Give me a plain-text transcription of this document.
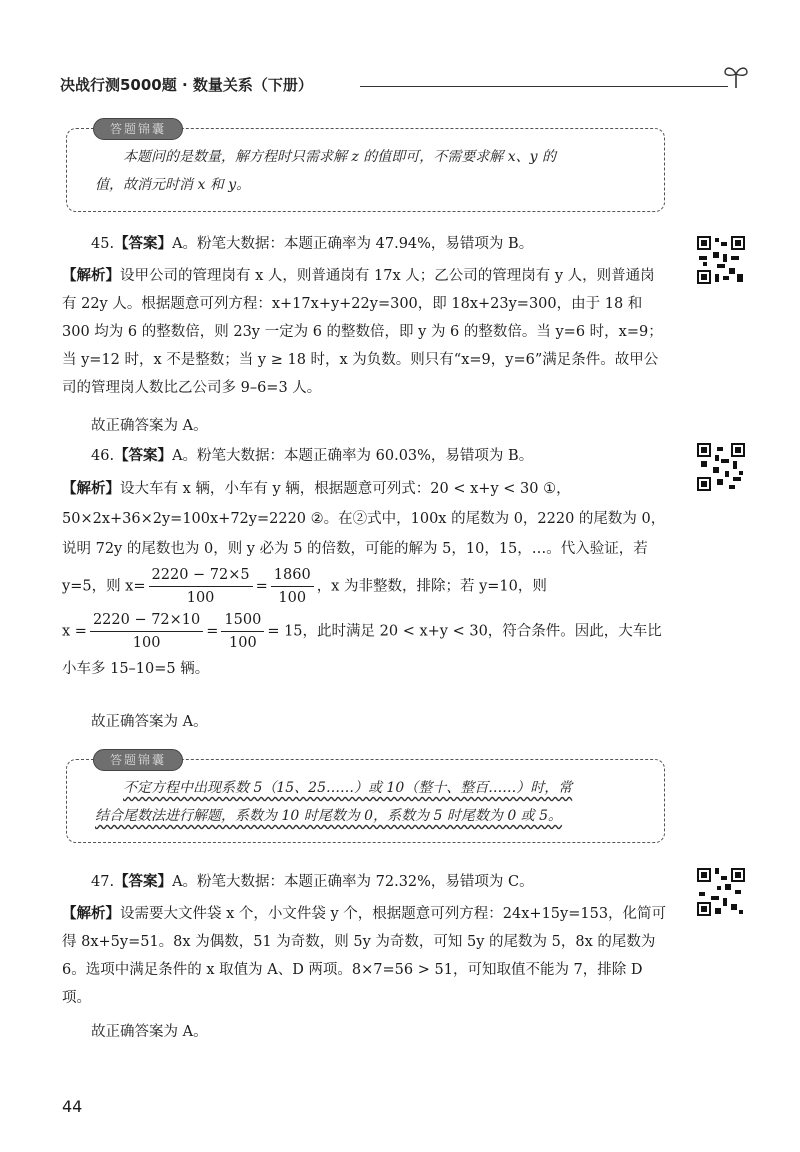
决战行测5000题 · 数量关系（下册）
答题锦囊

本题问的是数量，解方程时只需求解 z 的值即可，不需要求解 x、y 的

值，故消元时消 x 和 y。

45.【答案】A。粉笔大数据：本题正确率为 47.94%，易错项为 B。

【解析】设甲公司的管理岗有 x 人，则普通岗有 17x 人；乙公司的管理岗有 y 人，则普通岗有 22y 人。根据题意可列方程：x+17x+y+22y=300，即 18x+23y=300，由于 18 和 300 均为 6 的整数倍，则 23y 一定为 6 的整数倍，即 y 为 6 的整数倍。当 y=6 时，x=9；当 y=12 时，x 不是整数；当 y ≥ 18 时，x 为负数。则只有“x=9，y=6”满足条件。故甲公司的管理岗人数比乙公司多 9–6=3 人。

故正确答案为 A。

46.【答案】A。粉笔大数据：本题正确率为 60.03%，易错项为 B。

【解析】设大车有 x 辆，小车有 y 辆，根据题意可列式：20 < x+y < 30 ①，50×2x+36×2y=100x+72y=2220 ②。在②式中，100x 的尾数为 0，2220 的尾数为 0，说明 72y 的尾数也为 0，则 y 必为 5 的倍数，可能的解为 5，10，15，…。代入验证，若 y=5，则 $x= \frac{2220 - 72\times 5}{100} = \frac{1860}{100}$ ，x 为非整数，排除；若 y=10，则
$x = \frac{2220 - 72\times 10}{100} = \frac{1500}{100} = 15$，此时满足 20 < x+y < 30，符合条件。因此，大车比小车多 15–10=5 辆。

故正确答案为 A。

答题锦囊

不定方程中出现系数 5（15、25……）或 10（整十、整百……）时，常

结合尾数法进行解题，系数为 10 时尾数为 0，系数为 5 时尾数为 0 或 5。

47.【答案】A。粉笔大数据：本题正确率为 72.32%，易错项为 C。

【解析】设需要大文件袋 x 个，小文件袋 y 个，根据题意可列方程：24x+15y=153，化简可得 8x+5y=51。8x 为偶数，51 为奇数，则 5y 为奇数，可知 5y 的尾数为 5，8x 的尾数为 6。选项中满足条件的 x 取值为 A、D 两项。8×7=56 > 51，可知取值不能为 7，排除 D 项。

故正确答案为 A。

44
